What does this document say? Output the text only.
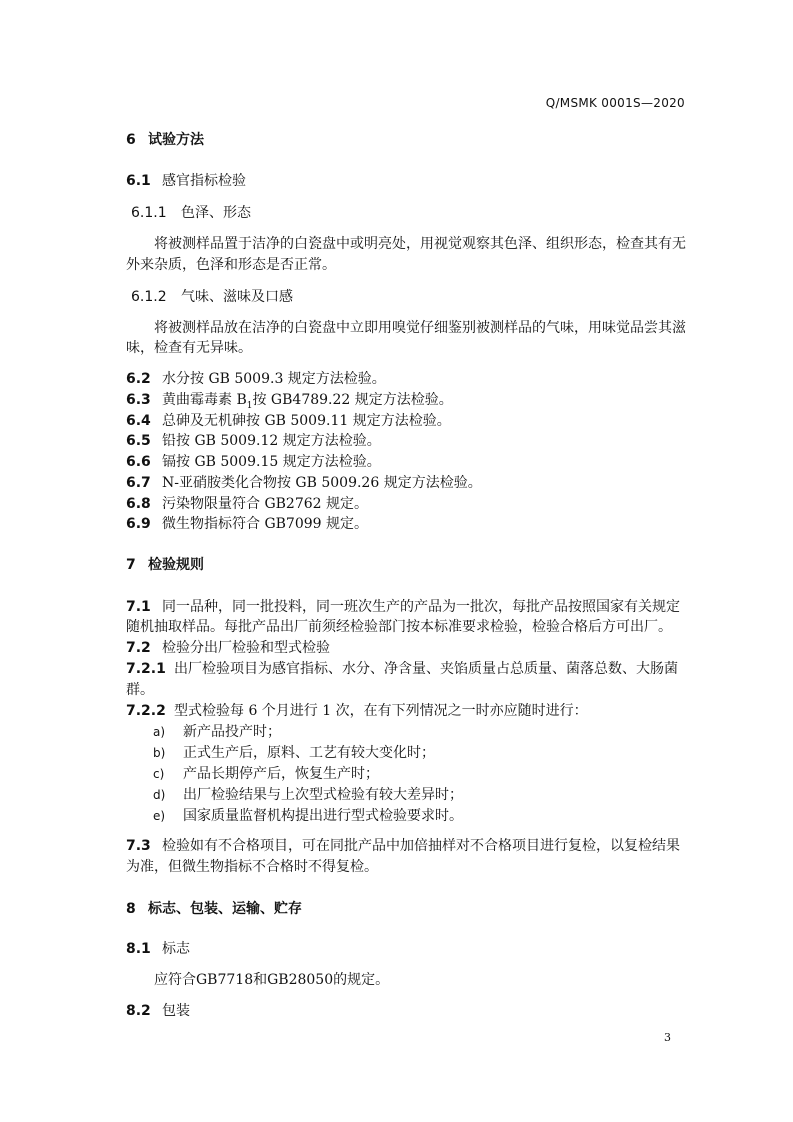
Q/MSMK 0001S—2020
6 试验方法
6.1 感官指标检验
6.1.1 色泽、形态
将被测样品置于洁净的白瓷盘中或明亮处，用视觉观察其色泽、组织形态，检查其有无
外来杂质，色泽和形态是否正常。
6.1.2 气味、滋味及口感
将被测样品放在洁净的白瓷盘中立即用嗅觉仔细鉴别被测样品的气味，用味觉品尝其滋
味，检查有无异味。
6.2 水分按 GB 5009.3 规定方法检验。
6.3 黄曲霉毒素 $B_1$按 GB4789.22 规定方法检验。
6.4 总砷及无机砷按 GB 5009.11 规定方法检验。
6.5 铅按 GB 5009.12 规定方法检验。
6.6 镉按 GB 5009.15 规定方法检验。
6.7 N-亚硝胺类化合物按 GB 5009.26 规定方法检验。
6.8 污染物限量符合 GB2762 规定。
6.9 微生物指标符合 GB7099 规定。
7 检验规则
7.1 同一品种，同一批投料，同一班次生产的产品为一批次，每批产品按照国家有关规定
随机抽取样品。每批产品出厂前须经检验部门按本标准要求检验，检验合格后方可出厂。
7.2 检验分出厂检验和型式检验
7.2.1 出厂检验项目为感官指标、水分、净含量、夹馅质量占总质量、菌落总数、大肠菌
群。
7.2.2 型式检验每 6 个月进行 1 次，在有下列情况之一时亦应随时进行：
a) 新产品投产时；
b) 正式生产后，原料、工艺有较大变化时；
c) 产品长期停产后，恢复生产时；
d) 出厂检验结果与上次型式检验有较大差异时；
e) 国家质量监督机构提出进行型式检验要求时。
7.3 检验如有不合格项目，可在同批产品中加倍抽样对不合格项目进行复检，以复检结果
为准，但微生物指标不合格时不得复检。
8 标志、包装、运输、贮存
8.1 标志
应符合GB7718和GB28050的规定。
8.2 包装
3
